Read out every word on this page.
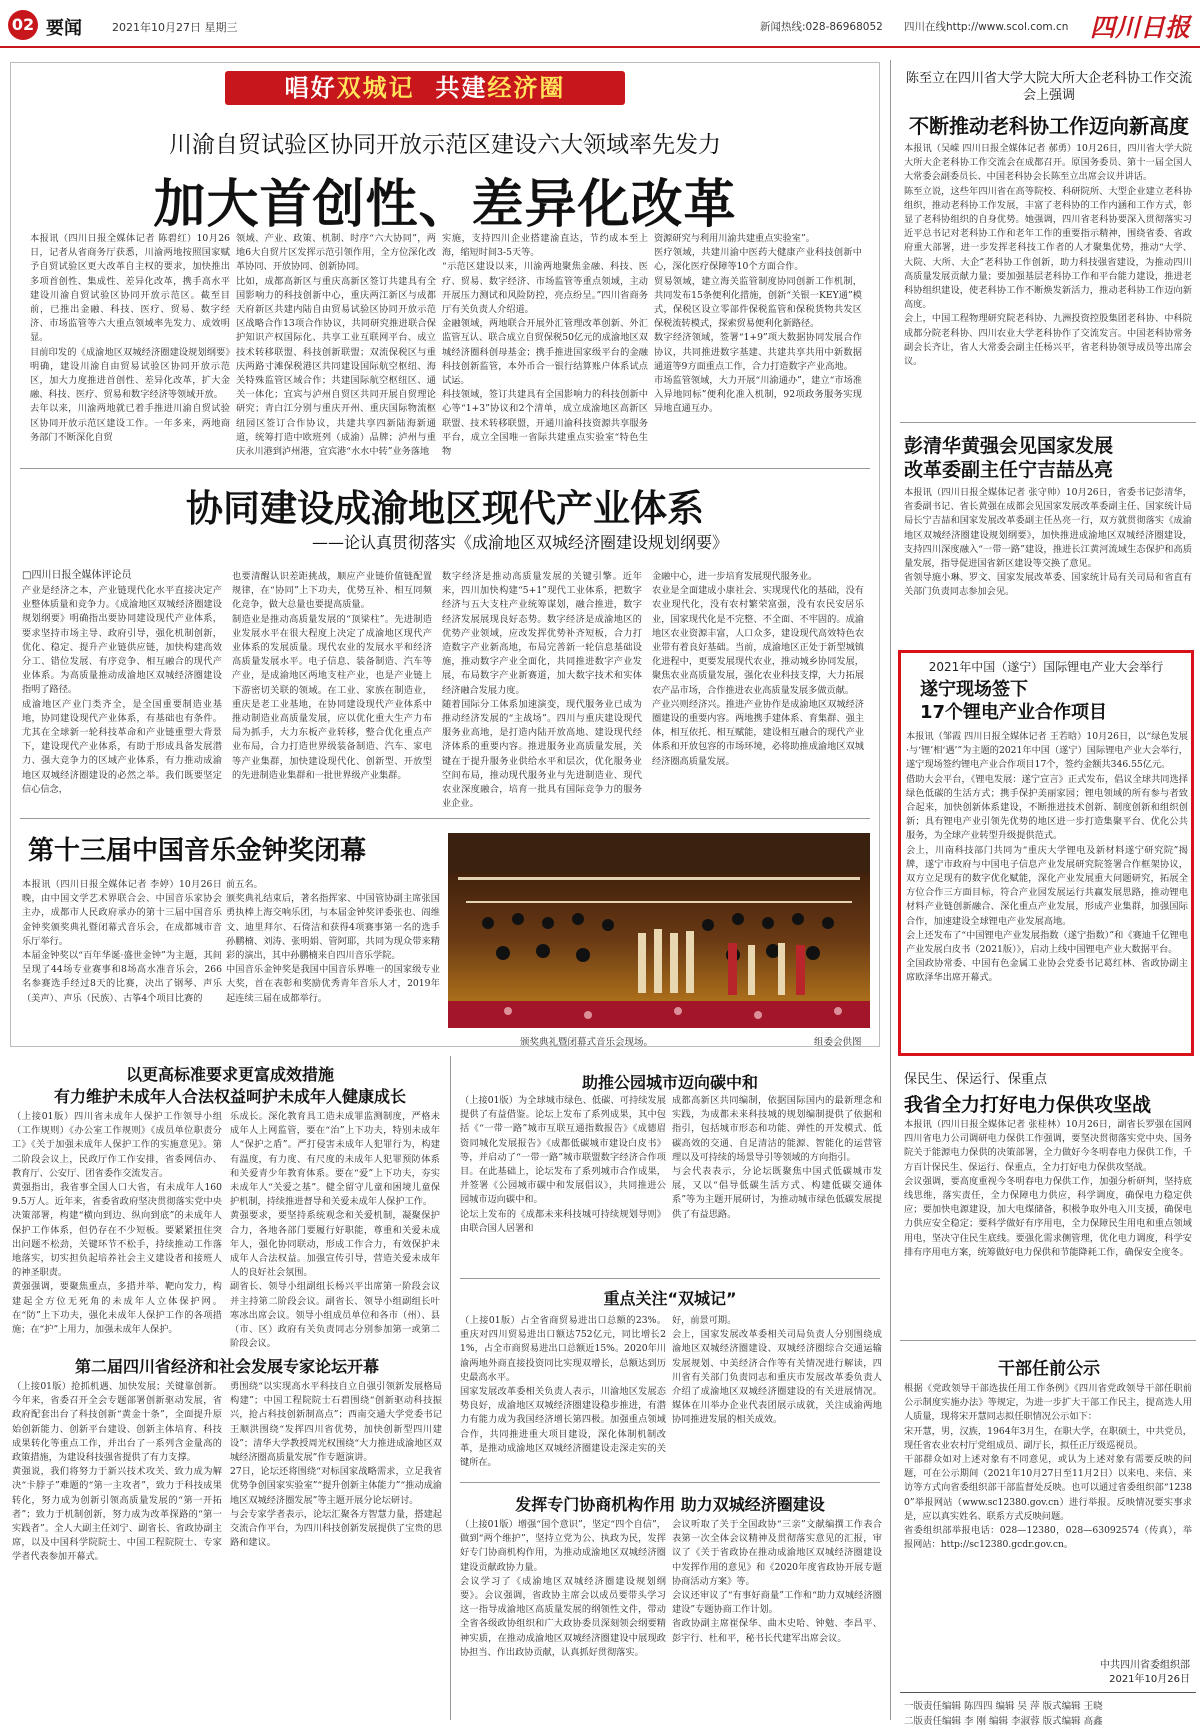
02 要闻	2021年10月27日 星期三	新闻热线:028-86968052 四川在线http://www.scol.com.cn 四川日报
唱好双城记 共建经济圈
川渝自贸试验区协同开放示范区建设六大领域率先发力
加大首创性、差异化改革
本报讯（四川日报全媒体记者 陈碧红）10月26日，记者从省商务厅获悉，川渝两地按照国家赋予自贸试验区更大改革自主权的要求，加快推出多项首创性、集成性、差异化改革，携手高水平建设川渝自贸试验区协同开放示范区。截至目前，已推出金融、科技、医疗、贸易、数字经济、市场监管等六大重点领域率先发力、成效明显。
目前印发的《成渝地区双城经济圈建设规划纲要》明确，建设川渝自由贸易试验区协同开放示范区，加大力度推进首创性、差异化改革，扩大金融、科技、医疗、贸易和数字经济等领域开放。
去年以来，川渝两地就已着手推进川渝自贸试验区协同开放示范区建设工作。一年多来，两地商务部门不断深化自贸
领域、产业、政策、机制、时序“六大协同”，两地6大自贸片区发挥示范引领作用，全方位深化改革协同、开放协同、创新协同。
比如，成都高新区与重庆高新区签订共建具有全国影响力的科技创新中心，重庆两江新区与成都天府新区共建内陆自由贸易试验区协同开放示范区战略合作13项合作协议，共同研究推进联合保护知识产权国际化、共享工业互联网平台、成立技术转移联盟、科技创新联盟；双流保税区与重庆两路寸滩保税港区共同建设国际航空枢纽、海关特殊监管区域合作；共建国际航空枢纽区、通关一体化；宜宾与泸州自贸区共同开展自贸理论研究；青白江分别与重庆开州、重庆国际物流枢纽园区签订合作协议，共建共享四新陆海新通道，统筹打造中欧班列（成渝）品牌；泸州与重庆永川港到泸州港，宜宾港“水水中转”业务落地
实施，支持四川企业搭建渝直达，节约成本至上海，缩短时间3-5天等。
“示范区建设以来，川渝两地聚焦金融、科技、医疗、贸易、数字经济、市场监管等重点领域，主动开展压力测试和风险防控，亮点纷呈。”四川省商务厅有关负责人介绍道。
金融领域，两地联合开展外汇管理改革创新、外汇监管互认、联合成立自贸保税50亿元的成渝地区双城经济圈科创母基金；携手推进国家级平台的金融科技创新监管，本外币合一银行结算账户体系试点试运。
科技领域，签订共建具有全国影响力的科技创新中心等“1+3”协议和2个清单，成立成渝地区高新区联盟、技术转移联盟，开通川渝科技资源共享服务平台，成立全国唯一省际共建重点实验室“特色生物
资源研究与利用川渝共建重点实验室”。
医疗领域，共建川渝中医药大健康产业科技创新中心，深化医疗保障等10个方面合作。
贸易领域，建立海关监管制度协同创新工作机制，共同发布15条便利化措施，创新“关银一KEY通”模式，保税区设立零部件保税监管和保税货物共发区保税流转模式，探索贸易便利化新路径。
数字经济领域，签署“1+9”项大数据协同发展合作协议，共同推进数字基建、共建共享共用中新数据通道等9方面重点工作，合力打造数字产业高地。
市场监管领域，大力开展“川渝通办”，建立“市场准入异地同标”便利化准入机制，92项政务服务实现异地直通互办。
协同建设成渝地区现代产业体系
——论认真贯彻落实《成渝地区双城经济圈建设规划纲要》
□四川日报全媒体评论员
产业是经济之本，产业链现代化水平直接决定产业整体质量和竞争力。《成渝地区双城经济圈建设规划纲要》明确指出要协同建设现代产业体系，要求坚持市场主导、政府引导，强化机制创新，优化、稳定、提升产业链供应链，加快构建高效分工、错位发展、有序竞争、相互融合的现代产业体系。为高质量推动成渝地区双城经济圈建设指明了路径。
成渝地区产业门类齐全，是全国重要制造业基地，协同建设现代产业体系，有基础也有条件。尤其在全球新一轮科技革命和产业链重塑大背景下，建设现代产业体系，有助于形成具备发展潜力、强大竞争力的区域产业体系，有力推动成渝地区双城经济圈建设的必然之举。我们既要坚定信心信念，
也要清醒认识差距挑战，顺应产业链价值链配置规律，在“协同”上下功夫，优势互补、相互同频化竞争，做大总量也要提高质量。
制造业是推动高质量发展的“顶梁柱”。先进制造业发展水平在很大程度上决定了成渝地区现代产业体系的发展质量。现代农业的发展水平和经济高质量发展水平。电子信息、装备制造、汽车等产业，是成渝地区两地支柱产业，也是产业链上下游密切关联的领域。在工业、家族在制造业，重庆是老工业基地，在协同建设现代产业体系中推动制造业高质量发展，应以优化重大生产力布局为抓手，大力东板产业转移，整合优化重点产业布局，合力打造世界级装备制造、汽车、家电等产业集群，加快建设现代化、创新型、开放型的先进制造业集群和一批世界级产业集群。
数字经济是推动高质量发展的关键引擎。近年来，四川加快构建“5+1”现代工业体系，把数字经济与五大支柱产业统筹谋划，融合推进，数字经济发展展现良好态势。数字经济是成渝地区的优势产业领域，应改发挥优势补齐短板，合力打造数字产业新高地，布局完善新一轮信息基础设施，推动数字产业全面化，共同推进数字产业发展，布局数字产业新赛道，加大数字技术和实体经济融合发展力度。
随着国际分工体系加速演变，现代服务业已成为推动经济发展的“主战场”。四川与重庆建设现代服务业高地，是打造内陆开放高地、建设现代经济体系的重要内容。推进服务业高质量发展，关键在于提升服务业供给水平和层次，优化服务业空间布局，推动现代服务业与先进制造业、现代农业深度融合，培育一批具有国际竞争力的服务业企业。
金融中心，进一步培育发展现代服务业。
农业是全面建成小康社会、实现现代化的基础，没有农业现代化，没有农村繁荣富强，没有农民安居乐业，国家现代化是不完整、不全面、不牢固的。成渝地区农业资源丰富，人口众多，建设现代高效特色农业带有着良好基础。当前，成渝地区正处于新型城镇化进程中，更要发展现代农业，推动城乡协同发展，聚焦农业高质量发展，强化农业科技支撑，大力拓展农产品市场，合作推进农业高质量发展多做贡献。
产业兴则经济兴。推进产业协作是成渝地区双城经济圈建设的重要内容。两地携手建体系、育集群、强主体，相互依托、相互赋能，建设相互融合的现代产业体系和开放包容的市场环境，必将助推成渝地区双城经济圈高质量发展。
第十三届中国音乐金钟奖闭幕
本报讯（四川日报全媒体记者 李婷）10月26日晚，由中国文学艺术界联合会、中国音乐家协会主办，成都市人民政府承办的第十三届中国音乐金钟奖颁奖典礼暨闭幕式音乐会，在成都城市音乐厅举行。
本届金钟奖以“百年华诞·盛世金钟”为主题，其间呈现了44场专业赛事和8场高水准音乐会，266名参赛选手经过8天的比赛，决出了钢琴、声乐（美声）、声乐（民族）、古筝4个项目比赛的
前五名。
颁奖典礼结束后，著名指挥家、中国管协副主席张国勇执棒上海交响乐团，与本届金钟奖评委张也、阎维文、迪里拜尔、石倚洁和获得4项赛事第一名的选手孙鹏楠、刘涛、张明娟、管阿耶，共同为现众带来精彩的演出，其中孙鹏楠来自四川音乐学院。
中国音乐金钟奖是我国中国音乐界唯一的国家级专业大奖，首在表彰和奖励优秀青年音乐人才，2019年起连续三届在成都举行。
颁奖典礼暨闭幕式音乐会现场。	组委会供图
以更高标准要求更富成效措施
有力维护未成年人合法权益呵护未成年人健康成长
（上接01版）四川省未成年人保护工作领导小组（工作规则）《办公室工作规则》《成员单位职责分工》《关于加强未成年人保护工作的实施意见》。第二阶段会议上，民政厅作工作安排，省委网信办、教育厅、公安厅、团省委作交流发言。
黄强指出，我省事全国人口大省，有未成年人1609.5万人。近年来，省委省政府坚决贯彻落实党中央决策部署，构建“横向到边、纵向到底”的未成年人保护工作体系，但仍存在不少短板。要紧紧扭住突出问题不松劲，关键环节不松手，持续推动工作落地落实，切实担负起培养社会主义建设者和接班人的神圣职责。
黄强强调，要聚焦重点，多措并举、靶向发力，构建起全方位无死角的未成年人立体保护网。在“防”上下功夫，强化未成年人保护工作的各项措施；在“护”上用力，加强未成年人保护。
乐成长。深化教育具工造未成罪监测制度，严格未成年人上网监管，要在“治”上下功夫，特别未成年人“保护之盾”。严打侵害未成年人犯罪行为，构建有温度，有力度、有尺度的未成年人犯罪预防体系和关爱青少年教育体系。要在“爱”上下功夫，夯实未成年人“关爱之基”。健全留守儿童和困境儿童保护机制，持续推进督导和关爱未成年人保护工作。
黄强要求，要坚持系统观念和关爱机制，凝聚保护合力，各地各部门要履行好职能，尊重和关爱未成年人，强化协同联动，形成工作合力，有效保护未成年人合法权益。加强宣传引导，营造关爱未成年人的良好社会氛围。
副省长、领导小组副组长杨兴平出席第一阶段会议并主持第二阶段会议。副省长、领导小组副组长叶寒冰出席会议。领导小组成员单位和各市（州）、县（市、区）政府有关负责同志分别参加第一或第二阶段会议。
助推公园城市迈向碳中和
（上接01版）为全球城市绿色、低碳、可持续发展提供了有益借鉴。论坛上发布了系列成果，其中包括《“一带一路”城市互联互通指数报告》《成德眉资同城化发展报告》《成都低碳城市建设白皮书》等，并启动了“一带一路”城市联盟数字经济合作项目。在此基础上，论坛发布了系列城市合作成果，并签署《公园城市碳中和发展倡议》，共同推进公园城市迈向碳中和。
论坛上发布的《成都未来科技城可持续规划导则》由联合国人居署和
成都高新区共同编制，依据国际国内的最新理念和实践，为成都未来科技城的规划编制提供了依据和指引，包括城市形态和功能、弹性的开发模式、低碳高效的交通、自足清洁的能源、智能化的运营管理以及可持续的场景导引等领域的方向指引。
与会代表表示，分论坛既聚焦中国式低碳城市发展，又以“倡导低碳生活方式、构建低碳交通体系”等为主题开展研讨，为推动城市绿色低碳发展提供了有益思路。
重点关注“双城记”
（上接01版）占全省商贸易进出口总额的23%。重庆对四川贸易进出口额达752亿元，同比增长21%，占全市商贸易进出口总额近15%。2020年川渝两地外商直接投资同比实现双增长，总额达到历史最高水平。
国家发展改革委相关负责人表示，川渝地区发展态势良好，成渝地区双城经济圈建设稳步推进，有潜力有能力成为我国经济增长第四极。加强重点领域合作，共同推进重大项目建设，深化体制机制改革，是推动成渝地区双城经济圈建设走深走实的关键所在。
好，前景可期。
会上，国家发展改革委相关司局负责人分别围绕成渝地区双城经济圈建设、双城经济圈综合交通运输发展规划、中美经济合作等有关情况进行解读，四川省有关部门负责同志和重庆市发展改革委负责人介绍了成渝地区双城经济圈建设的有关进展情况。媒体在川举办企业代表团展示成就，关注成渝两地协同推进发展的相关成效。
第二届四川省经济和社会发展专家论坛开幕
（上接01版）抢抓机遇、加快发展；关键靠创新。今年来，省委召开全会专题部署创新驱动发展，省政府配套出台了科技创新“黄金十条”，全面提升原始创新能力、创新平台建设、创新主体培育、科技成果转化等重点工作，并出台了一系列含金量高的政策措施，为建设科技强省提供了有力支撑。
黄强说，我们将努力于新兴技术攻关、致力成为解决“卡脖子”难题的“第一主攻者”，致力于科技成果转化，努力成为创新引领高质量发展的“第一开拓者”；致力于机制创新，努力成为改革探路的“第一实践者”。全人大副主任刘宁、副省长、省政协副主席，以及中国科学院院士、中国工程院院士、专家学者代表参加开幕式。
勇围绕“以实现高水平科技自立自强引领新发展格局构建”；中国工程院院士石碧围绕“创新驱动科技振兴，抢占科技创新制高点”；西南交通大学党委书记王顺洪围绕“发挥四川省优势，加快创新型四川建设”；清华大学教授周光权围绕“大力推进成渝地区双城经济圈高质量发展”作专题演讲。
27日，论坛还将围绕“对标国家战略需求，立足我省优势争创国家实验室”“提升创新主体能力”“推动成渝地区双城经济圈发展”等主题开展分论坛研讨。
与会专家学者表示，论坛汇聚各方智慧力量，搭建起交流合作平台，为四川科技创新发展提供了宝贵的思路和建议。
发挥专门协商机构作用 助力双城经济圈建设
（上接01版）增强“国个意识”，坚定“四个自信”，做到“两个维护”，坚持立党为公、执政为民，发挥好专门协商机构作用，为推动成渝地区双城经济圈建设贡献政协力量。
会议学习了《成渝地区双城经济圈建设规划纲要》。会议强调，省政协主席会以成员要带头学习这一指导成渝地区高质量发展的纲领性文件，带动全省各级政协组织和广大政协委员深刻领会纲要精神实质，在推动成渝地区双城经济圈建设中展现政协担当、作出政协贡献，认真抓好贯彻落实。
会议听取了关于全国政协“三亲”文献编撰工作表合表第一次全体会议精神及贯彻落实意见的汇报，审议了《关于省政协在推动成渝地区双城经济圈建设中发挥作用的意见》和《2020年度省政协开展专题协商活动方案》等。
会议还审议了“有事好商量”工作和“助力双城经济圈建设”专题协商工作计划。
省政协副主席崔保华、曲木史哈、钟勉、李昌平、彭宇行、杜和平，秘书长代建军出席会议。
陈至立在四川省大学大院大所大企老科协工作交流会上强调
不断推动老科协工作迈向新高度
本报讯（吴嵘 四川日报全媒体记者 郝勇）10月26日，四川省大学大院大所大企老科协工作交流会在成都召开。原国务委员、第十一届全国人大常委会副委员长、中国老科协会长陈至立出席会议并讲话。
陈至立说，这些年四川省在高等院校、科研院所、大型企业建立老科协组织，推动老科协工作发展，丰富了老科协的工作内涵和工作方式，彰显了老科协组织的自身优势。她强调，四川省老科协要深入贯彻落实习近平总书记对老科协工作和老年工作的重要指示精神，围绕省委、省政府重大部署，进一步发挥老科技工作者的人才聚集优势，推动“大学、大院、大所、大企”老科协工作创新，助力科技强省建设，为推动四川高质量发展贡献力量；要加强基层老科协工作和平台能力建设，推进老科协组织建设，使老科协工作不断焕发新活力，推动老科协工作迈向新高度。
会上，中国工程物理研究院老科协、九洲投资控股集团老科协、中科院成都分院老科协、四川农业大学老科协作了交流发言。中国老科协常务副会长齐让，省人大常委会副主任杨兴平，省老科协领导成员等出席会议。
彭清华黄强会见国家发展
改革委副主任宁吉喆丛亮
本报讯（四川日报全媒体记者 张守帅）10月26日，省委书记彭清华，省委副书记、省长黄强在成都会见国家发展改革委副主任、国家统计局局长宁吉喆和国家发展改革委副主任丛亮一行，双方就贯彻落实《成渝地区双城经济圈建设规划纲要》，加快推进成渝地区双城经济圈建设，支持四川深度融入“一带一路”建设，推进长江黄河流域生态保护和高质量发展，指导促进国省新区建设等交换了意见。
省领导施小琳、罗文、国家发展改革委、国家统计局有关司局和省直有关部门负责同志参加会见。
2021年中国（遂宁）国际锂电产业大会举行
遂宁现场签下
17个锂电产业合作项目
本报讯（邹霞 四川日报全媒体记者 王若晗）10月26日，以“绿色发展·与‘锂’相‘遇’”为主题的2021年中国（遂宁）国际锂电产业大会举行，遂宁现场签约锂电产业合作项目17个，签约金额共346.55亿元。
借助大会平台，《锂电发展：遂宁宣言》正式发布，倡议全球共同选择绿色低碳的生活方式；携手保护美丽家园；锂电领域的所有参与者致合起来，加快创新体系建设，不断推进技术创新、制度创新和组织创新；具有锂电产业引领先优势的地区进一步打造集聚平台、优化公共服务，为全球产业转型升级提供范式。
会上，川南科技部门共同为“重庆大学锂电及新材料遂宁研究院”揭牌，遂宁市政府与中国电子信息产业发展研究院签署合作框架协议，双方立足现有的数字优化赋能，深化产业发展重大问题研究，拓展全方位合作三方面目标，符合产业园发展运行共赢发展思路，推动锂电材料产业链创新融合、深化重点产业发展，形成产业集群，加强国际合作，加速建设全球锂电产业发展高地。
会上还发布了“中国锂电产业发展指数（遂宁指数）”和《赛迪千亿锂电产业发展白皮书（2021版）》，启动上线中国锂电产业大数据平台。
全国政协常委、中国有色金属工业协会党委书记葛红林、省政协副主席欧泽华出席开幕式。
保民生、保运行、保重点
我省全力打好电力保供攻坚战
本报讯（四川日报全媒体记者 张桂林）10月26日，副省长罗强在国网四川省电力公司调研电力保供工作强调，要坚决贯彻落实党中央、国务院关于能源电力保供的决策部署，全力做好今冬明春电力保供工作，千方百计保民生、保运行、保重点，全力打好电力保供攻坚战。
会议强调，要高度重视今冬明春电力保供工作，加强分析研判，坚持底线思维，落实责任，全力保障电力供应，科学调度，确保电力稳定供应；要加快电源建设，加大电煤储备，积极争取外电入川支援，确保电力供应安全稳定；要科学做好有序用电，全力保障民生用电和重点领域用电，坚决守住民生底线。要强化需求侧管理，优化电力调度，科学安排有序用电方案，统筹做好电力保供和节能降耗工作，确保安全度冬。
干部任前公示
根据《党政领导干部选拔任用工作条例》《四川省党政领导干部任职前公示制度实施办法》等规定，为进一步扩大干部工作民主，提高选人用人质量，现将宋开慧同志拟任职情况公示如下：
宋开慧，男，汉族，1964年3月生，在职大学，在职硕士，中共党员，现任省农业农村厅党组成员、副厅长，拟任正厅级巡视员。
干部群众如对上述对象有不同意见，或认为上述对象有需要反映的问题，可在公示期间（2021年10月27日至11月2日）以来电、来信、来访等方式向省委组织部干部监督处反映。也可以通过省委组织部“12380”举报网站（www.sc12380.gov.cn）进行举报。反映情况要实事求是，应以真实姓名、联系方式反映问题。
省委组织部举报电话：028—12380，028—63092574（传真），举报网站：http://sc12380.gcdr.gov.cn。
中共四川省委组织部
2021年10月26日
一版责任编辑 陈四四 编辑 吴 萍 版式编辑 王晓
二版责任编辑 李 刚 编辑 李淑蓉 版式编辑 高鑫
